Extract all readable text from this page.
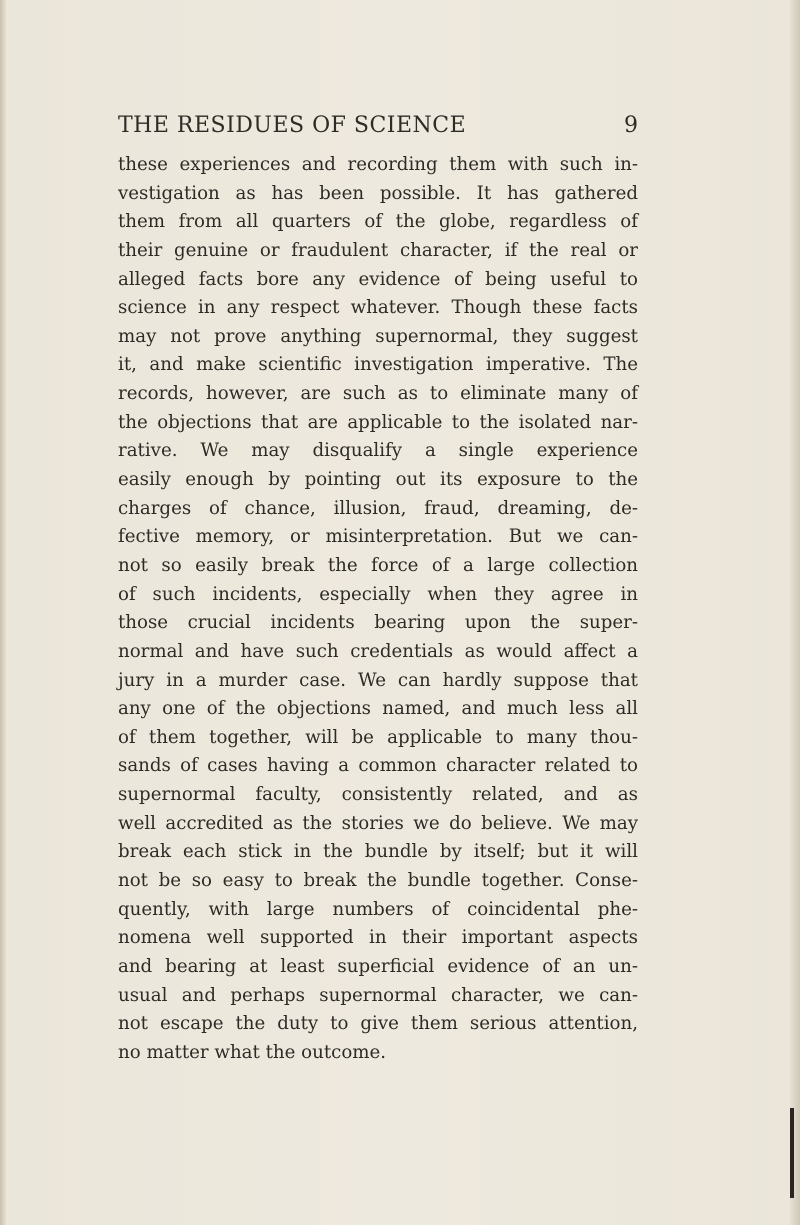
THE RESIDUES OF SCIENCE	9
these experiences and recording them with such in-
vestigation as has been possible. It has gathered
them from all quarters of the globe, regardless of
their genuine or fraudulent character, if the real or
alleged facts bore any evidence of being useful to
science in any respect whatever. Though these facts
may not prove anything supernormal, they suggest
it, and make scientific investigation imperative. The
records, however, are such as to eliminate many of
the objections that are applicable to the isolated nar-
rative. We may disqualify a single experience
easily enough by pointing out its exposure to the
charges of chance, illusion, fraud, dreaming, de-
fective memory, or misinterpretation. But we can-
not so easily break the force of a large collection
of such incidents, especially when they agree in
those crucial incidents bearing upon the super-
normal and have such credentials as would affect a
jury in a murder case. We can hardly suppose that
any one of the objections named, and much less all
of them together, will be applicable to many thou-
sands of cases having a common character related to
supernormal faculty, consistently related, and as
well accredited as the stories we do believe. We may
break each stick in the bundle by itself; but it will
not be so easy to break the bundle together. Conse-
quently, with large numbers of coincidental phe-
nomena well supported in their important aspects
and bearing at least superficial evidence of an un-
usual and perhaps supernormal character, we can-
not escape the duty to give them serious attention,
no matter what the outcome.
